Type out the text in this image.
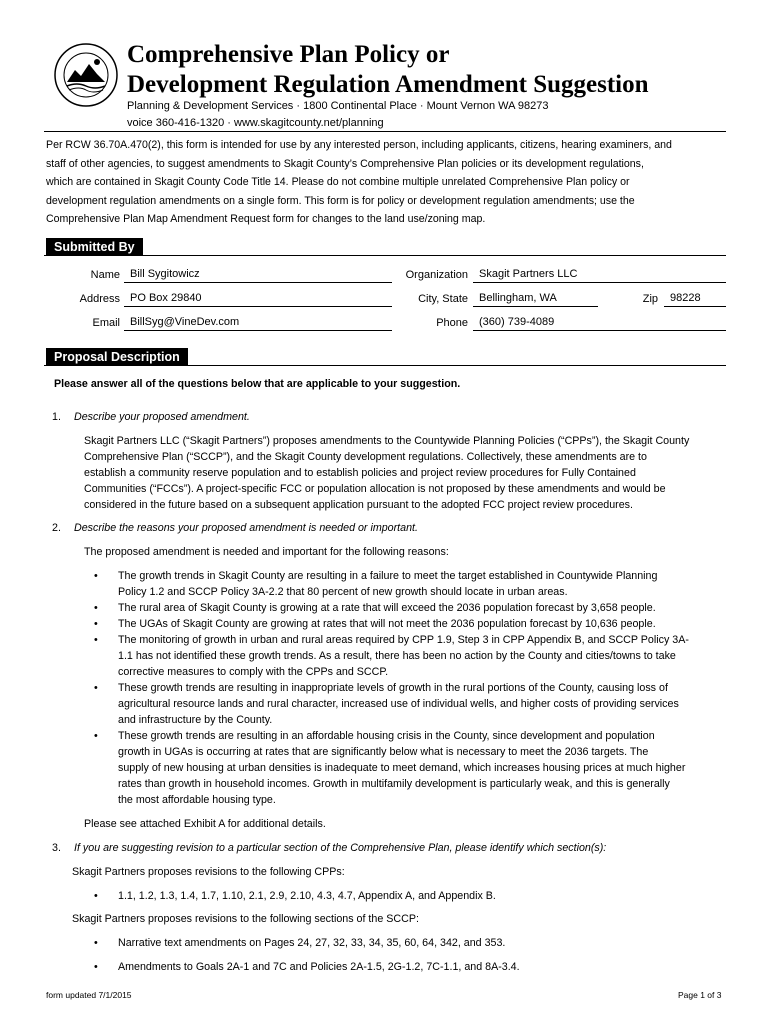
Comprehensive Plan Policy or
Development Regulation Amendment Suggestion
Planning & Development Services · 1800 Continental Place · Mount Vernon WA 98273
voice 360-416-1320 · www.skagitcounty.net/planning

Per RCW 36.70A.470(2), this form is intended for use by any interested person, including applicants, citizens, hearing examiners, and

staff of other agencies, to suggest amendments to Skagit County’s Comprehensive Plan policies or its development regulations,

which are contained in Skagit County Code Title 14. Please do not combine multiple unrelated Comprehensive Plan policy or

development regulation amendments on a single form. This form is for policy or development regulation amendments; use the

Comprehensive Plan Map Amendment Request form for changes to the land use/zoning map.

Submitted By
Name Bill Sygitowicz	Organization	Skagit Partners LLC
Address PO Box 29840	City, State	Bellingham, WA	Zip	98228
Email BillSyg@VineDev.com	Phone	(360) 739-4089
Proposal Description
Please answer all of the questions below that are applicable to your suggestion.
1. Describe your proposed amendment.
Skagit Partners LLC (“Skagit Partners”) proposes amendments to the Countywide Planning Policies (“CPPs”), the Skagit County
Comprehensive Plan (“SCCP”), and the Skagit County development regulations. Collectively, these amendments are to
establish a community reserve population and to establish policies and project review procedures for Fully Contained
Communities (“FCCs”). A project-specific FCC or population allocation is not proposed by these amendments and would be
considered in the future based on a subsequent application pursuant to the adopted FCC project review procedures.
2. Describe the reasons your proposed amendment is needed or important.
The proposed amendment is needed and important for the following reasons:
• The growth trends in Skagit County are resulting in a failure to meet the target established in Countywide Planning
Policy 1.2 and SCCP Policy 3A-2.2 that 80 percent of new growth should locate in urban areas.
• The rural area of Skagit County is growing at a rate that will exceed the 2036 population forecast by 3,658 people.
• The UGAs of Skagit County are growing at rates that will not meet the 2036 population forecast by 10,636 people.
• The monitoring of growth in urban and rural areas required by CPP 1.9, Step 3 in CPP Appendix B, and SCCP Policy 3A-
1.1 has not identified these growth trends. As a result, there has been no action by the County and cities/towns to take
corrective measures to comply with the CPPs and SCCP.
• These growth trends are resulting in inappropriate levels of growth in the rural portions of the County, causing loss of
agricultural resource lands and rural character, increased use of individual wells, and higher costs of providing services
and infrastructure by the County.
• These growth trends are resulting in an affordable housing crisis in the County, since development and population
growth in UGAs is occurring at rates that are significantly below what is necessary to meet the 2036 targets. The
supply of new housing at urban densities is inadequate to meet demand, which increases housing prices at much higher
rates than growth in household incomes. Growth in multifamily development is particularly weak, and this is generally
the most affordable housing type.
Please see attached Exhibit A for additional details.
3. If you are suggesting revision to a particular section of the Comprehensive Plan, please identify which section(s):
Skagit Partners proposes revisions to the following CPPs:
• 1.1, 1.2, 1.3, 1.4, 1.7, 1.10, 2.1, 2.9, 2.10, 4.3, 4.7, Appendix A, and Appendix B.
Skagit Partners proposes revisions to the following sections of the SCCP:
• Narrative text amendments on Pages 24, 27, 32, 33, 34, 35, 60, 64, 342, and 353.
• Amendments to Goals 2A-1 and 7C and Policies 2A-1.5, 2G-1.2, 7C-1.1, and 8A-3.4.
form updated 7/1/2015	Page 1 of 3
